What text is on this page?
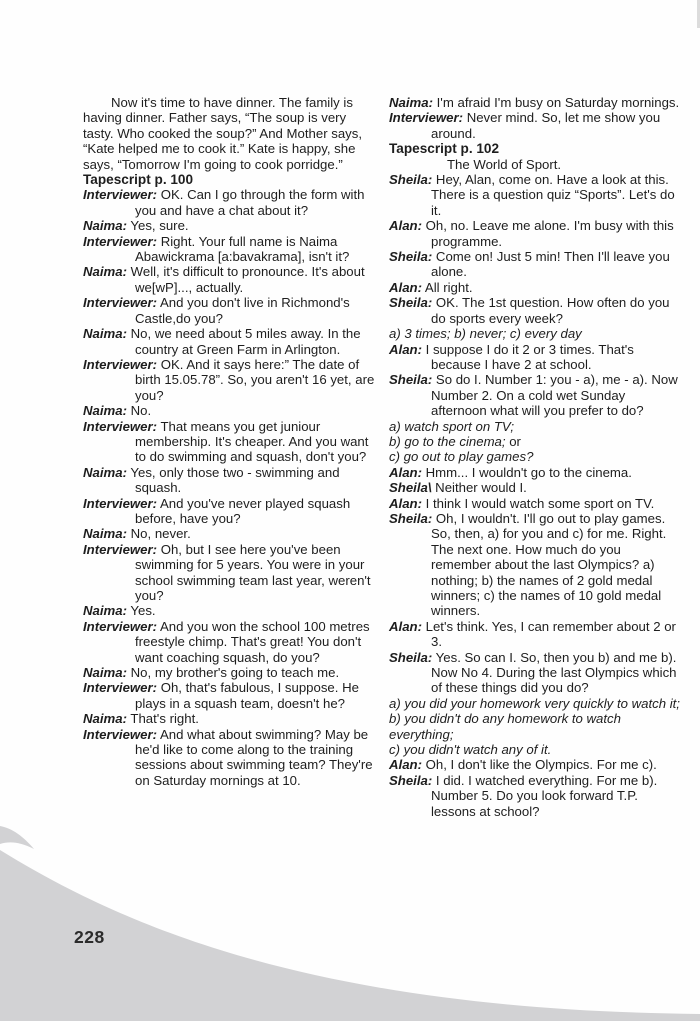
Now it's time to have dinner. The family is having dinner. Father says, “The soup is very tasty. Who cooked the soup?” And Mother says, “Kate helped me to cook it.” Kate is happy, she says, “Tomorrow I'm going to cook porridge.”

Tapescript p. 100

Interviewer: OK. Can I go through the form with you and have a chat about it?

Naima: Yes, sure.

Interviewer: Right. Your full name is Naima Abawickrama [a:bavakrama], isn't it?

Naima: Well, it's difficult to pronounce. It's about we[wP]..., actually.

Interviewer: And you don't live in Richmond's Castle,do you?

Naima: No, we need about 5 miles away. In the country at Green Farm in Arlington.

Interviewer: OK. And it says here:” The date of birth 15.05.78”. So, you aren't 16 yet, are you?

Naima: No.

Interviewer: That means you get juniour membership. It's cheaper. And you want to do swimming and squash, don't you?

Naima: Yes, only those two - swimming and squash.

Interviewer: And you've never played squash before, have you?

Naima: No, never.

Interviewer: Oh, but I see here you've been swimming for 5 years. You were in your school swimming team last year, weren't you?

Naima: Yes.

Interviewer: And you won the school 100 metres freestyle chimp. That's great! You don't want coaching squash, do you?

Naima: No, my brother's going to teach me.

Interviewer: Oh, that's fabulous, I suppose. He plays in a squash team, doesn't he?

Naima: That's right.

Interviewer: And what about swimming? May be he'd like to come along to the training sessions about swimming team? They're on Saturday mornings at 10.

Naima: I'm afraid I'm busy on Saturday mornings.

Interviewer: Never mind. So, let me show you around.

Tapescript p. 102

The World of Sport.

Sheila: Hey, Alan, come on. Have a look at this. There is a question quiz “Sports”. Let's do it.

Alan: Oh, no. Leave me alone. I'm busy with this programme.

Sheila: Come on! Just 5 min! Then I'll leave you alone.

Alan: All right.

Sheila: OK. The 1st question. How often do you do sports every week?

a) 3 times; b) never; c) every day

Alan: I suppose I do it 2 or 3 times. That's because I have 2 at school.

Sheila: So do I. Number 1: you - a), me - a). Now Number 2. On a cold wet Sunday afternoon what will you prefer to do?

a) watch sport on TV;

b) go to the cinema; or

c) go out to play games?

Alan: Hmm... I wouldn't go to the cinema.

Sheila\ Neither would I.

Alan: I think I would watch some sport on TV.

Sheila: Oh, I wouldn't. I'll go out to play games. So, then, a) for you and c) for me. Right. The next one. How much do you remember about the last Olympics? a) nothing; b) the names of 2 gold medal winners; c) the names of 10 gold medal winners.

Alan: Let's think. Yes, I can remember about 2 or 3.

Sheila: Yes. So can I. So, then you b) and me b). Now No 4. During the last Olympics which of these things did you do?

a) you did your homework very quickly to watch it;

b) you didn't do any homework to watch everything;

c) you didn't watch any of it.

Alan: Oh, I don't like the Olympics. For me c).

Sheila: I did. I watched everything. For me b). Number 5. Do you look forward T.P. lessons at school?

228
